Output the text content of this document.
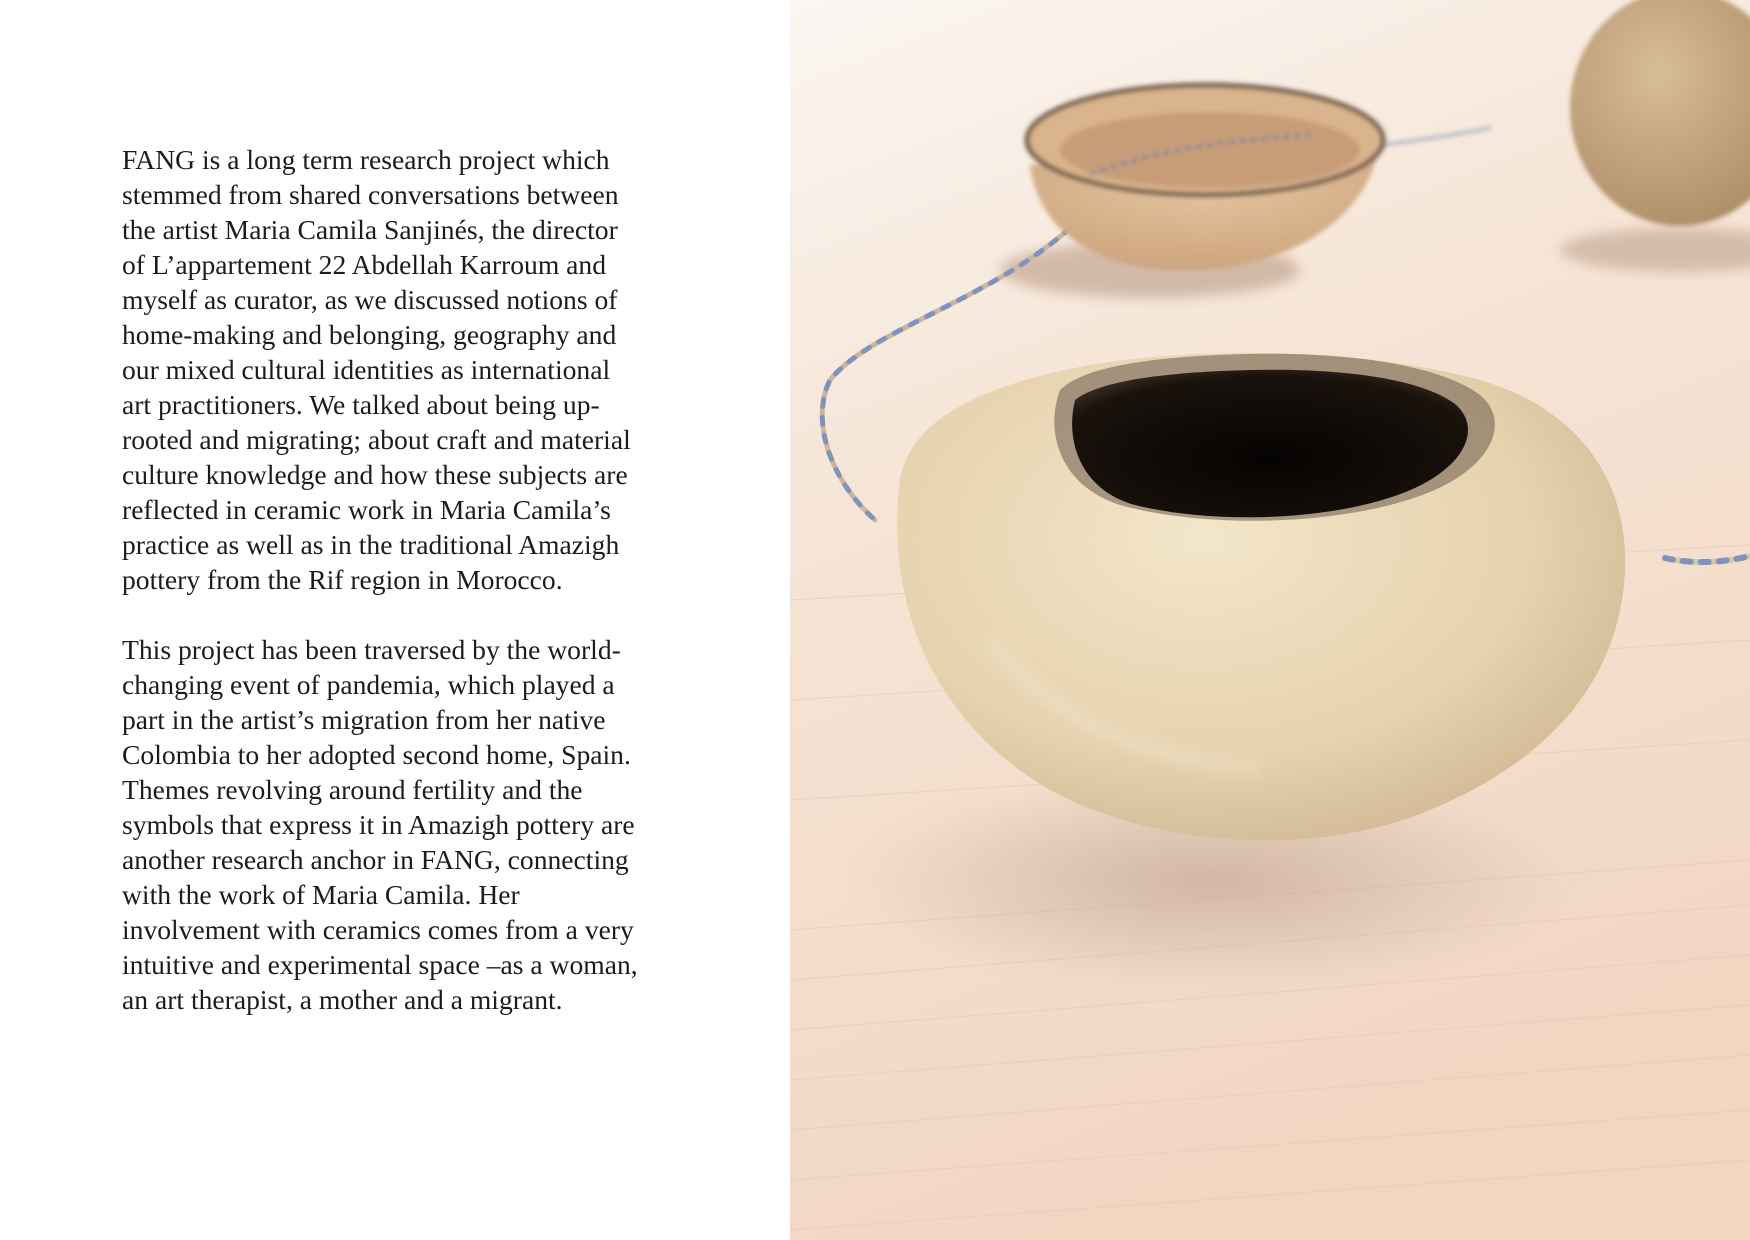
FANG is a long term research project which
stemmed from shared conversations between
the artist Maria Camila Sanjinés, the director
of L’appartement 22 Abdellah Karroum and
myself as curator, as we discussed notions of
home-making and belonging, geography and
our mixed cultural identities as international
art practitioners. We talked about being up-
rooted and migrating; about craft and material
culture knowledge and how these subjects are
reflected in ceramic work in Maria Camila’s
practice as well as in the traditional Amazigh
pottery from the Rif region in Morocco.

This project has been traversed by the world-
changing event of pandemia, which played a
part in the artist’s migration from her native
Colombia to her adopted second home, Spain.
Themes revolving around fertility and the
symbols that express it in Amazigh pottery are
another research anchor in FANG, connecting
with the work of Maria Camila. Her
involvement with ceramics comes from a very
intuitive and experimental space –as a woman,
an art therapist, a mother and a migrant.
